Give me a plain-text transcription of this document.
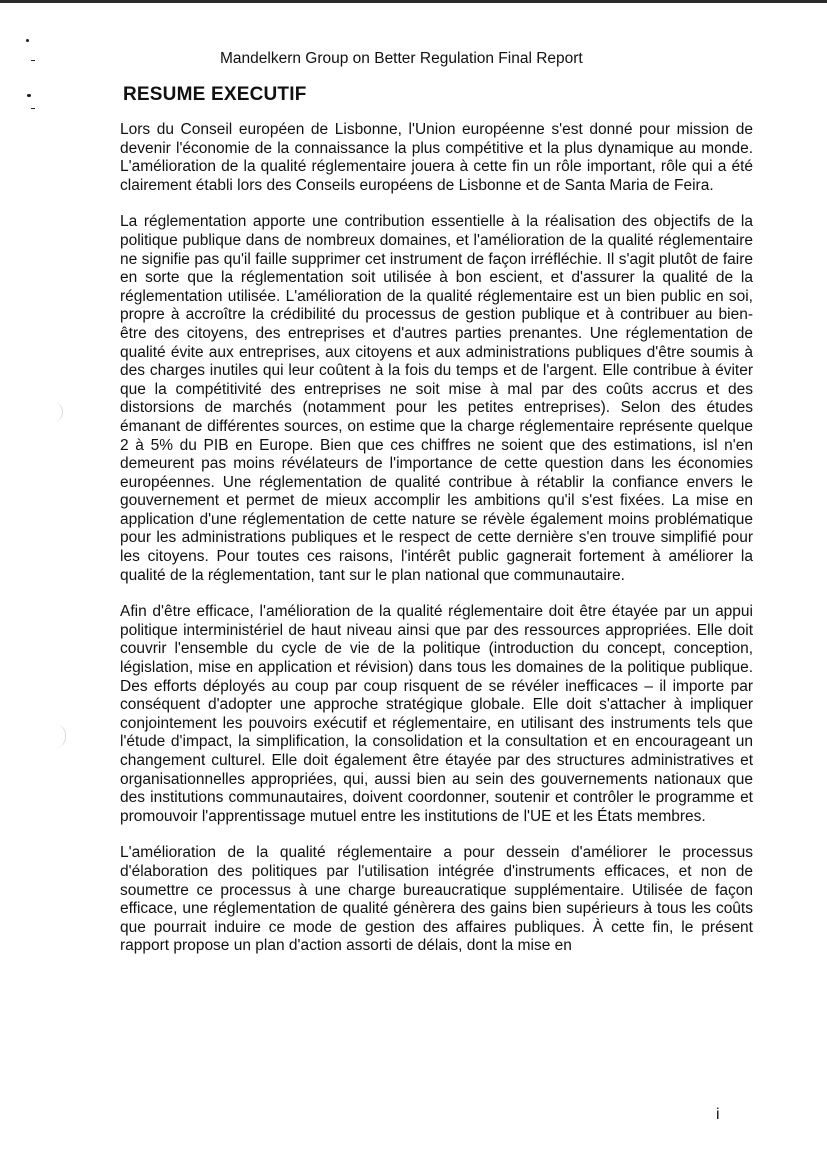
Mandelkern Group on Better Regulation Final Report
RESUME EXECUTIF

Lors du Conseil européen de Lisbonne, l'Union européenne s'est donné pour mission de devenir l'économie de la connaissance la plus compétitive et la plus dynamique au monde. L'amélioration de la qualité réglementaire jouera à cette fin un rôle important, rôle qui a été clairement établi lors des Conseils européens de Lisbonne et de Santa Maria de Feira.

La réglementation apporte une contribution essentielle à la réalisation des objectifs de la politique publique dans de nombreux domaines, et l'amélioration de la qualité réglementaire ne signifie pas qu'il faille supprimer cet instrument de façon irréfléchie. Il s'agit plutôt de faire en sorte que la réglementation soit utilisée à bon escient, et d'assurer la qualité de la réglementation utilisée. L'amélioration de la qualité réglementaire est un bien public en soi, propre à accroître la crédibilité du processus de gestion publique et à contribuer au bien-être des citoyens, des entreprises et d'autres parties prenantes. Une réglementation de qualité évite aux entreprises, aux citoyens et aux administrations publiques d'être soumis à des charges inutiles qui leur coûtent à la fois du temps et de l'argent. Elle contribue à éviter que la compétitivité des entreprises ne soit mise à mal par des coûts accrus et des distorsions de marchés (notamment pour les petites entreprises). Selon des études émanant de différentes sources, on estime que la charge réglementaire représente quelque 2 à 5% du PIB en Europe. Bien que ces chiffres ne soient que des estimations, isl n'en demeurent pas moins révélateurs de l'importance de cette question dans les économies européennes. Une réglementation de qualité contribue à rétablir la confiance envers le gouvernement et permet de mieux accomplir les ambitions qu'il s'est fixées. La mise en application d'une réglementation de cette nature se révèle également moins problématique pour les administrations publiques et le respect de cette dernière s'en trouve simplifié pour les citoyens. Pour toutes ces raisons, l'intérêt public gagnerait fortement à améliorer la qualité de la réglementation, tant sur le plan national que communautaire.

Afin d'être efficace, l'amélioration de la qualité réglementaire doit être étayée par un appui politique interministériel de haut niveau ainsi que par des ressources appropriées. Elle doit couvrir l'ensemble du cycle de vie de la politique (introduction du concept, conception, législation, mise en application et révision) dans tous les domaines de la politique publique. Des efforts déployés au coup par coup risquent de se révéler inefficaces – il importe par conséquent d'adopter une approche stratégique globale. Elle doit s'attacher à impliquer conjointement les pouvoirs exécutif et réglementaire, en utilisant des instruments tels que l'étude d'impact, la simplification, la consolidation et la consultation et en encourageant un changement culturel. Elle doit également être étayée par des structures administratives et organisationnelles appropriées, qui, aussi bien au sein des gouvernements nationaux que des institutions communautaires, doivent coordonner, soutenir et contrôler le programme et promouvoir l'apprentissage mutuel entre les institutions de l'UE et les États membres.

L'amélioration de la qualité réglementaire a pour dessein d'améliorer le processus d'élaboration des politiques par l'utilisation intégrée d'instruments efficaces, et non de soumettre ce processus à une charge bureaucratique supplémentaire. Utilisée de façon efficace, une réglementation de qualité génèrera des gains bien supérieurs à tous les coûts que pourrait induire ce mode de gestion des affaires publiques. À cette fin, le présent rapport propose un plan d'action assorti de délais, dont la mise en

i
